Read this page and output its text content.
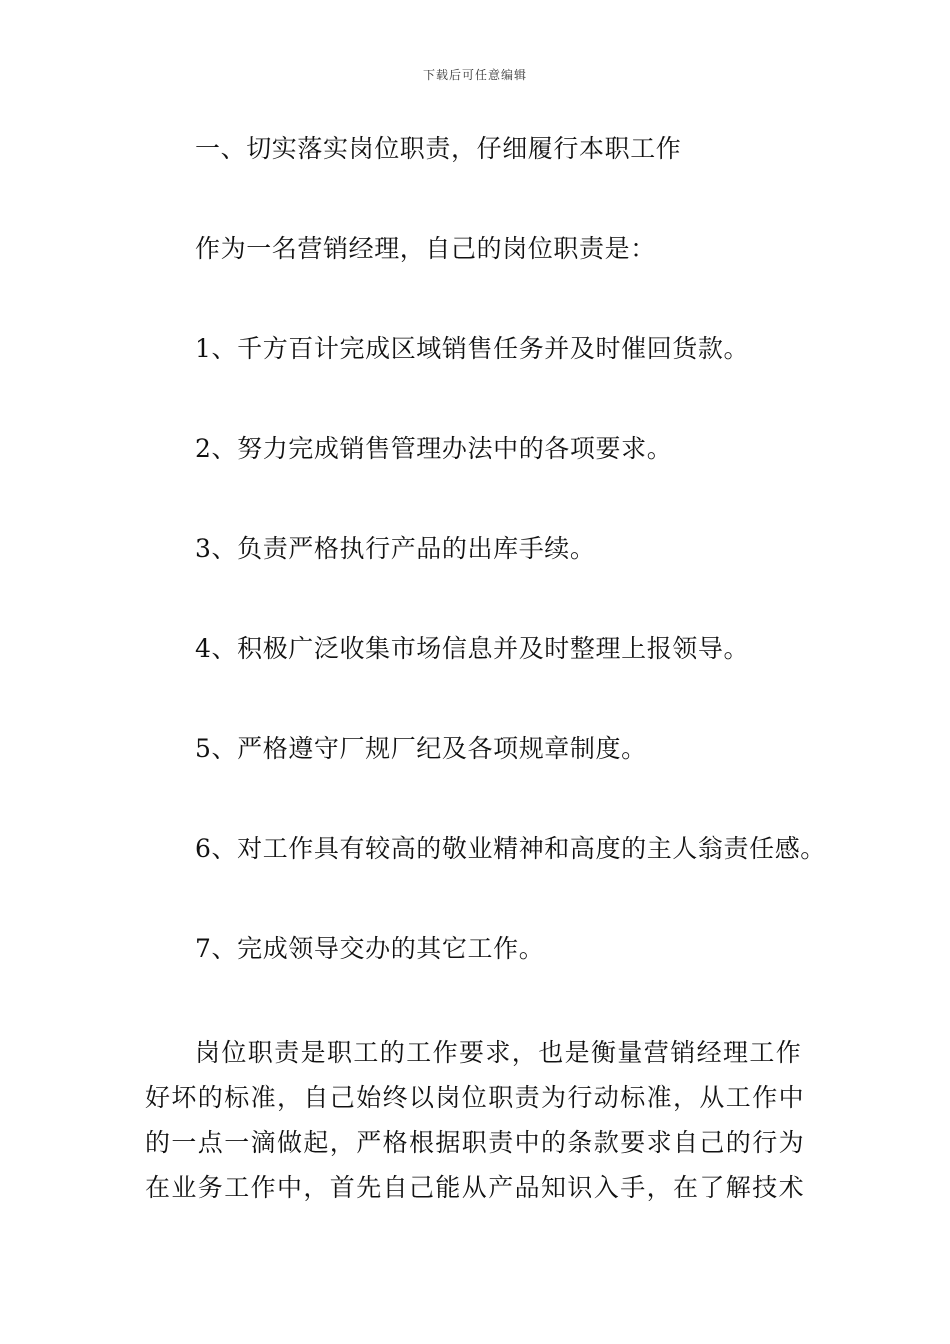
下载后可任意编辑
一、切实落实岗位职责，仔细履行本职工作
作为一名营销经理，自己的岗位职责是：
1、千方百计完成区域销售任务并及时催回货款。
2、努力完成销售管理办法中的各项要求。
3、负责严格执行产品的出库手续。
4、积极广泛收集市场信息并及时整理上报领导。
5、严格遵守厂规厂纪及各项规章制度。
6、对工作具有较高的敬业精神和高度的主人翁责任感。
7、完成领导交办的其它工作。
岗位职责是职工的工作要求，也是衡量营销经理工作
好坏的标准，自己始终以岗位职责为行动标准，从工作中
的一点一滴做起，严格根据职责中的条款要求自己的行为
在业务工作中，首先自己能从产品知识入手，在了解技术
